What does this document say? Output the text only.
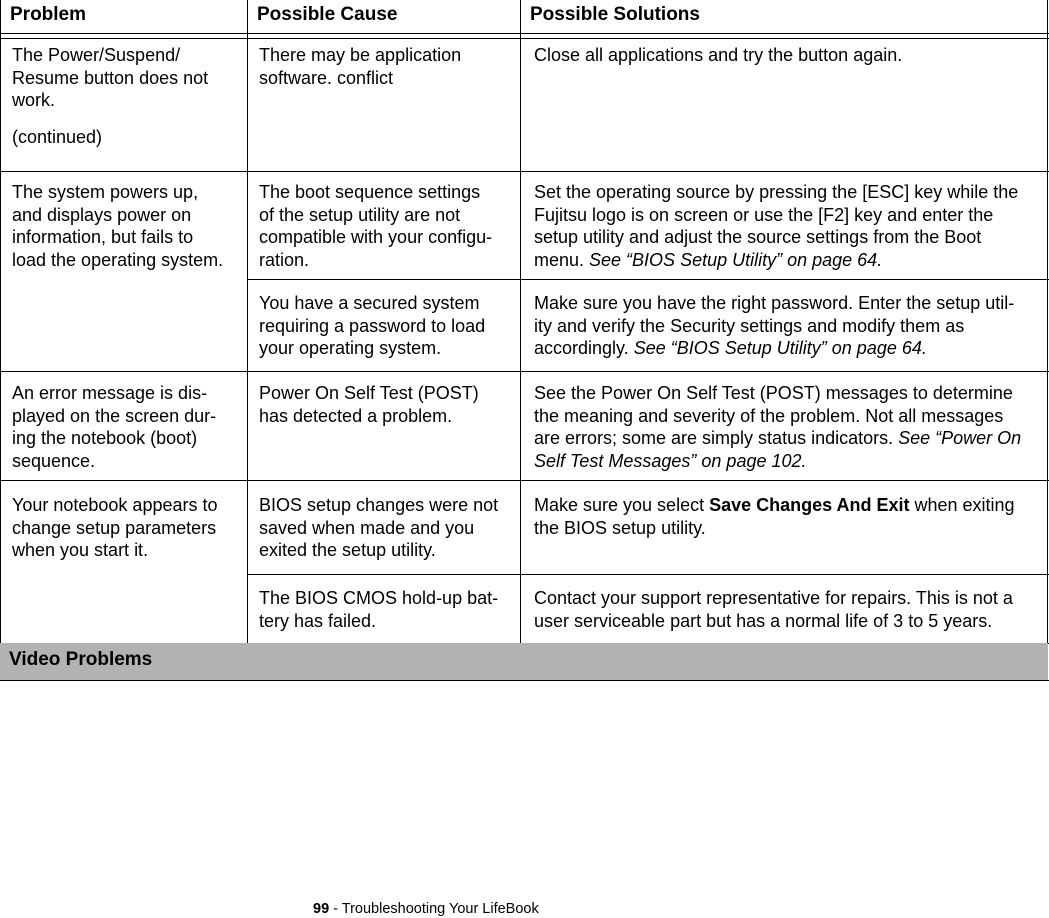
Problem	Possible Cause	Possible Solutions
The Power/Suspend/
Resume button does not
work.
(continued)
There may be application
software. conflict
Close all applications and try the button again.
The system powers up,
and displays power on
information, but fails to
load the operating system.
The boot sequence settings
of the setup utility are not
compatible with your configu-
ration.
Set the operating source by pressing the [ESC] key while the
Fujitsu logo is on screen or use the [F2] key and enter the
setup utility and adjust the source settings from the Boot
menu. See “BIOS Setup Utility” on page 64.
You have a secured system
requiring a password to load
your operating system.
Make sure you have the right password. Enter the setup util-
ity and verify the Security settings and modify them as
accordingly. See “BIOS Setup Utility” on page 64.
An error message is dis-
played on the screen dur-
ing the notebook (boot)
sequence.
Power On Self Test (POST)
has detected a problem.
See the Power On Self Test (POST) messages to determine
the meaning and severity of the problem. Not all messages
are errors; some are simply status indicators. See “Power On
Self Test Messages” on page 102.
Your notebook appears to
change setup parameters
when you start it.
BIOS setup changes were not
saved when made and you
exited the setup utility.
Make sure you select Save Changes And Exit when exiting
the BIOS setup utility.
The BIOS CMOS hold-up bat-
tery has failed.
Contact your support representative for repairs. This is not a
user serviceable part but has a normal life of 3 to 5 years.
Video Problems
99 - Troubleshooting Your LifeBook
